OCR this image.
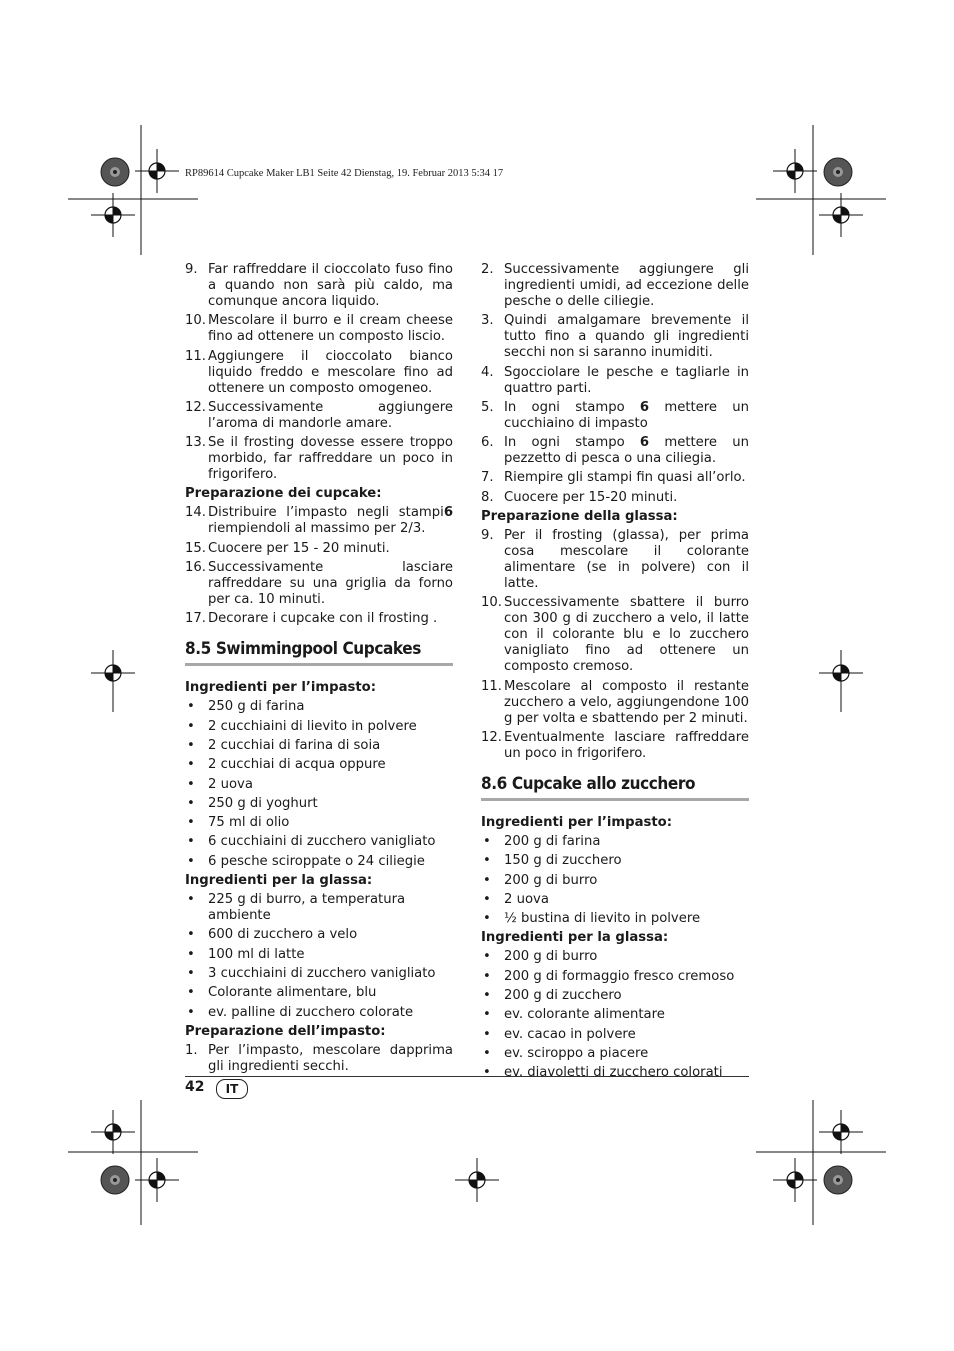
RP89614 Cupcake Maker LB1 Seite 42 Dienstag, 19. Februar 2013 5:34 17
9. Far raffreddare il cioccolato fuso fino a quando non sarà più caldo, ma comunque ancora liquido.
10. Mescolare il burro e il cream cheese fino ad ottenere un composto liscio.
11. Aggiungere il cioccolato bianco liquido freddo e mescolare fino ad ottenere un composto omogeneo.
12. Successivamente aggiungere l’aroma di mandorle amare.
13. Se il frosting dovesse essere troppo morbido, far raffreddare un poco in frigorifero.
Preparazione dei cupcake:
14. Distribuire l’impasto negli stampi 6
riempiendoli al massimo per 2/3.
15. Cuocere per 15 - 20 minuti.
16. Successivamente lasciare raffreddare su una griglia da forno per ca. 10 minuti.
17. Decorare i cupcake con il frosting .
8.5 Swimmingpool Cupcakes
Ingredienti per l’impasto:
• 250 g di farina
• 2 cucchiaini di lievito in polvere
• 2 cucchiai di farina di soia
• 2 cucchiai di acqua oppure
• 2 uova
• 250 g di yoghurt
• 75 ml di olio
• 6 cucchiaini di zucchero vanigliato
• 6 pesche sciroppate o 24 ciliegie
Ingredienti per la glassa:
• 225 g di burro, a temperatura ambiente
• 600 di zucchero a velo
• 100 ml di latte
• 3 cucchiaini di zucchero vanigliato
• Colorante alimentare, blu
• ev. palline di zucchero colorate
Preparazione dell’impasto:
1. Per l’impasto, mescolare dapprima gli ingredienti secchi.
2. Successivamente aggiungere gli ingredienti umidi, ad eccezione delle pesche o delle ciliegie.
3. Quindi amalgamare brevemente il tutto fino a quando gli ingredienti secchi non si saranno inumiditi.
4. Sgocciolare le pesche e tagliarle in quattro parti.
5. In ogni stampo 6 mettere un cucchiaino di impasto
6. In ogni stampo 6 mettere un pezzetto di pesca o una ciliegia.
7. Riempire gli stampi fin quasi all’orlo.
8. Cuocere per 15-20 minuti.
Preparazione della glassa:
9. Per il frosting (glassa), per prima cosa mescolare il colorante alimentare (se in polvere) con il latte.
10. Successivamente sbattere il burro con 300 g di zucchero a velo, il latte con il colorante blu e lo zucchero vanigliato fino ad ottenere un composto cremoso.
11. Mescolare al composto il restante zucchero a velo, aggiungendone 100 g per volta e sbattendo per 2 minuti.
12. Eventualmente lasciare raffreddare un poco in frigorifero.
8.6 Cupcake allo zucchero
Ingredienti per l’impasto:
• 200 g di farina
• 150 g di zucchero
• 200 g di burro
• 2 uova
• ½ bustina di lievito in polvere
Ingredienti per la glassa:
• 200 g di burro
• 200 g di formaggio fresco cremoso
• 200 g di zucchero
• ev. colorante alimentare
• ev. cacao in polvere
• ev. sciroppo a piacere
• ev. diavoletti di zucchero colorati
42	IT
